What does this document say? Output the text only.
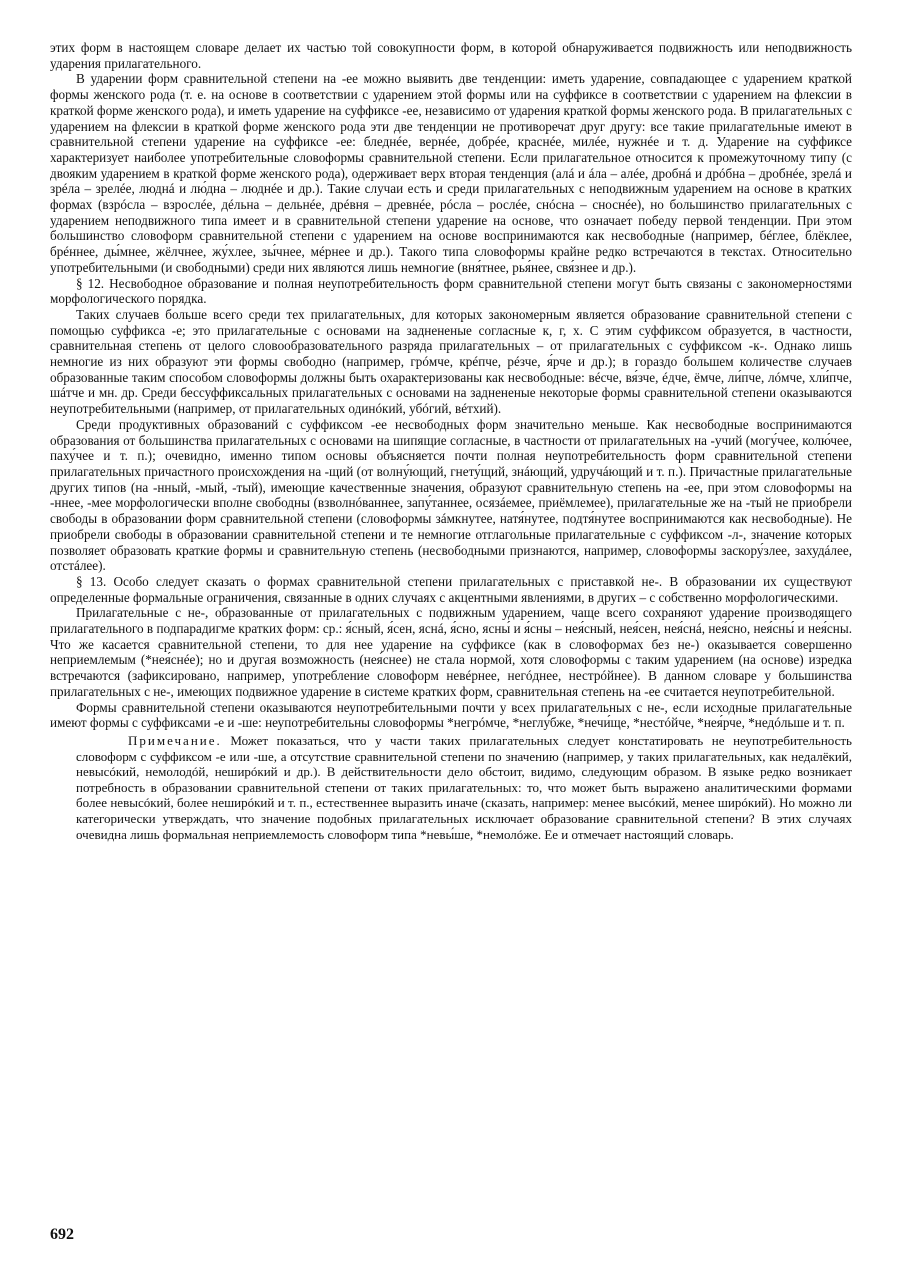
этих форм в настоящем словаре делает их частью той совокупности форм, в которой обнаруживается подвижность или неподвижность ударения прилагательного.

В ударении форм сравнительной степени на -ее можно выявить две тенденции: иметь ударение, совпадающее с ударением краткой формы женского рода (т. е. на основе в соответствии с ударением этой формы или на суффиксе в соответствии с ударением на флексии в краткой форме женского рода), и иметь ударение на суффиксе -ее, независимо от ударения краткой формы женского рода. В прилагательных с ударением на флексии в краткой форме женского рода эти две тенденции не противоречат друг другу: все такие прилагательные имеют в сравнительной степени ударение на суффиксе -ее: бледнée, вернée, добрée, краснée, милée, нужнée и т. д. Ударение на суффиксе характеризует наиболее употребительные словоформы сравнительной степени. Если прилагательное относится к промежуточному типу (с двояким ударением в краткой форме женского рода), одерживает верх вторая тенденция (алá и áла – алée, дробнá и дрóбна – дробнée, зрелá и зрéла – зрелée, люднá и лю́дна – люднée и др.). Такие случаи есть и среди прилагательных с неподвижным ударением на основе в кратких формах (взрóсла – взрослée, дéльна – дельнée, дрéвня – древнée, рóсла – рослée, снóсна – сноснée), но большинство прилагательных с ударением неподвижного типа имеет и в сравнительной степени ударение на основе, что означает победу первой тенденции. При этом большинство словоформ сравнительной степени с ударением на основе воспринимаются как несвободные (например, бéглее, блёклее, брéннее, ды́мнее, жёлчнее, жу́хлее, зы́чнее, мéрнее и др.). Такого типа словоформы крайне редко встречаются в текстах. Относительно употребительными (и свободными) среди них являются лишь немногие (вня́тнее, рья́нее, свя́знее и др.).

§ 12. Несвободное образование и полная неупотребительность форм сравнительной степени могут быть связаны с закономерностями морфологического порядка.

Таких случаев больше всего среди тех прилагательных, для которых закономерным является образование сравнительной степени с помощью суффикса -е; это прилагательные с основами на заднененые согласные к, г, х. С этим суффиксом образуется, в частности, сравнительная степень от целого словообразовательного разряда прилагательных – от прилагательных с суффиксом -к-. Однако лишь немногие из них образуют эти формы свободно (например, грóмче, крéпче, рéзче, я́рче и др.); в гораздо большем количестве случаев образованные таким способом словоформы должны быть охарактеризованы как несвободные: вéсче, вя́зче, éдче, ёмче, ли́пче, лóмче, хли́пче, шáтче и мн. др. Среди бессуффиксальных прилагательных с основами на заднененые некоторые формы сравнительной степени оказываются неупотребительными (например, от прилагательных одинóкий, убóгий, вéтхий).

Среди продуктивных образований с суффиксом -ее несвободных форм значительно меньше. Как несвободные воспринимаются образования от большинства прилагательных с основами на шипящие согласные, в частности от прилагательных на -учий (могу́чее, колю́чее, паху́чее и т. п.); очевидно, именно типом основы объясняется почти полная неупотребительность форм сравнительной степени прилагательных причастного происхождения на -щий (от волну́ющий, гнету́щий, знáющий, удручáющий и т. п.). Причастные прилагательные других типов (на -нный, -мый, -тый), имеющие качественные значения, образуют сравнительную степень на -ее, при этом словоформы на -ннее, -мее морфологически вполне свободны (взволнóваннее, запу́таннее, осязáемее, приёмлемее), прилагательные же на -тый не приобрели свободы в образовании форм сравнительной степени (словоформы зáмкнутее, натя́нутее, подтя́нутее воспринимаются как несвободные). Не приобрели свободы в образовании сравнительной степени и те немногие отглагольные прилагательные с суффиксом -л-, значение которых позволяет образовать краткие формы и сравнительную степень (несвободными признаются, например, словоформы заскору́злее, захудáлее, отстáлее).

§ 13. Особо следует сказать о формах сравнительной степени прилагательных с приставкой не-. В образовании их существуют определенные формальные ограничения, связанные в одних случаях с акцентными явлениями, в других – с собственно морфологическими.

Прилагательные с не-, образованные от прилагательных с подвижным ударением, чаще всего сохраняют ударение производящего прилагательного в подпарадигме кратких форм: ср.: я́сный, я́сен, яснá, я́сно, ясны́ и я́сны – нея́сный, нея́сен, нея́снá, нея́сно, нея́сны́ и нея́сны. Что же касается сравнительной степени, то для нее ударение на суффиксе (как в словоформах без не-) оказывается совершенно неприемлемым (*нея́снée); но и другая возможность (нея́снее) не стала нормой, хотя словоформы с таким ударением (на основе) изредка встречаются (зафиксировано, например, употребление словоформ невéрнее, негóднее, нестрóйнее). В данном словаре у большинства прилагательных с не-, имеющих подвижное ударение в системе кратких форм, сравнительная степень на -ее считается неупотребительной.

Формы сравнительной степени оказываются неупотребительными почти у всех прилагательных с не-, если исходные прилагательные имеют формы с суффиксами -е и -ше: неупотребительны словоформы *негрóмче, *неглу́бже, *нечи́ще, *нестóйче, *нея́рче, *недóльше и т. п.

Примечание. Может показаться, что у части таких прилагательных следует констатировать не неупотребительность словоформ с суффиксом -е или -ше, а отсутствие сравнительной степени по значению (например, у таких прилагательных, как недалёкий, невысóкий, немолодóй, неширóкий и др.). В действительности дело обстоит, видимо, следующим образом. В языке редко возникает потребность в образовании сравнительной степени от таких прилагательных: то, что может быть выражено аналитическими формами более невысóкий, более неширóкий и т. п., естественнее выразить иначе (сказать, например: менее высóкий, менее ширóкий). Но можно ли категорически утверждать, что значение подобных прилагательных исключает образование сравнительной степени? В этих случаях очевидна лишь формальная неприемлемость словоформ типа *невы́ше, *немолóже. Ее и отмечает настоящий словарь.

692
